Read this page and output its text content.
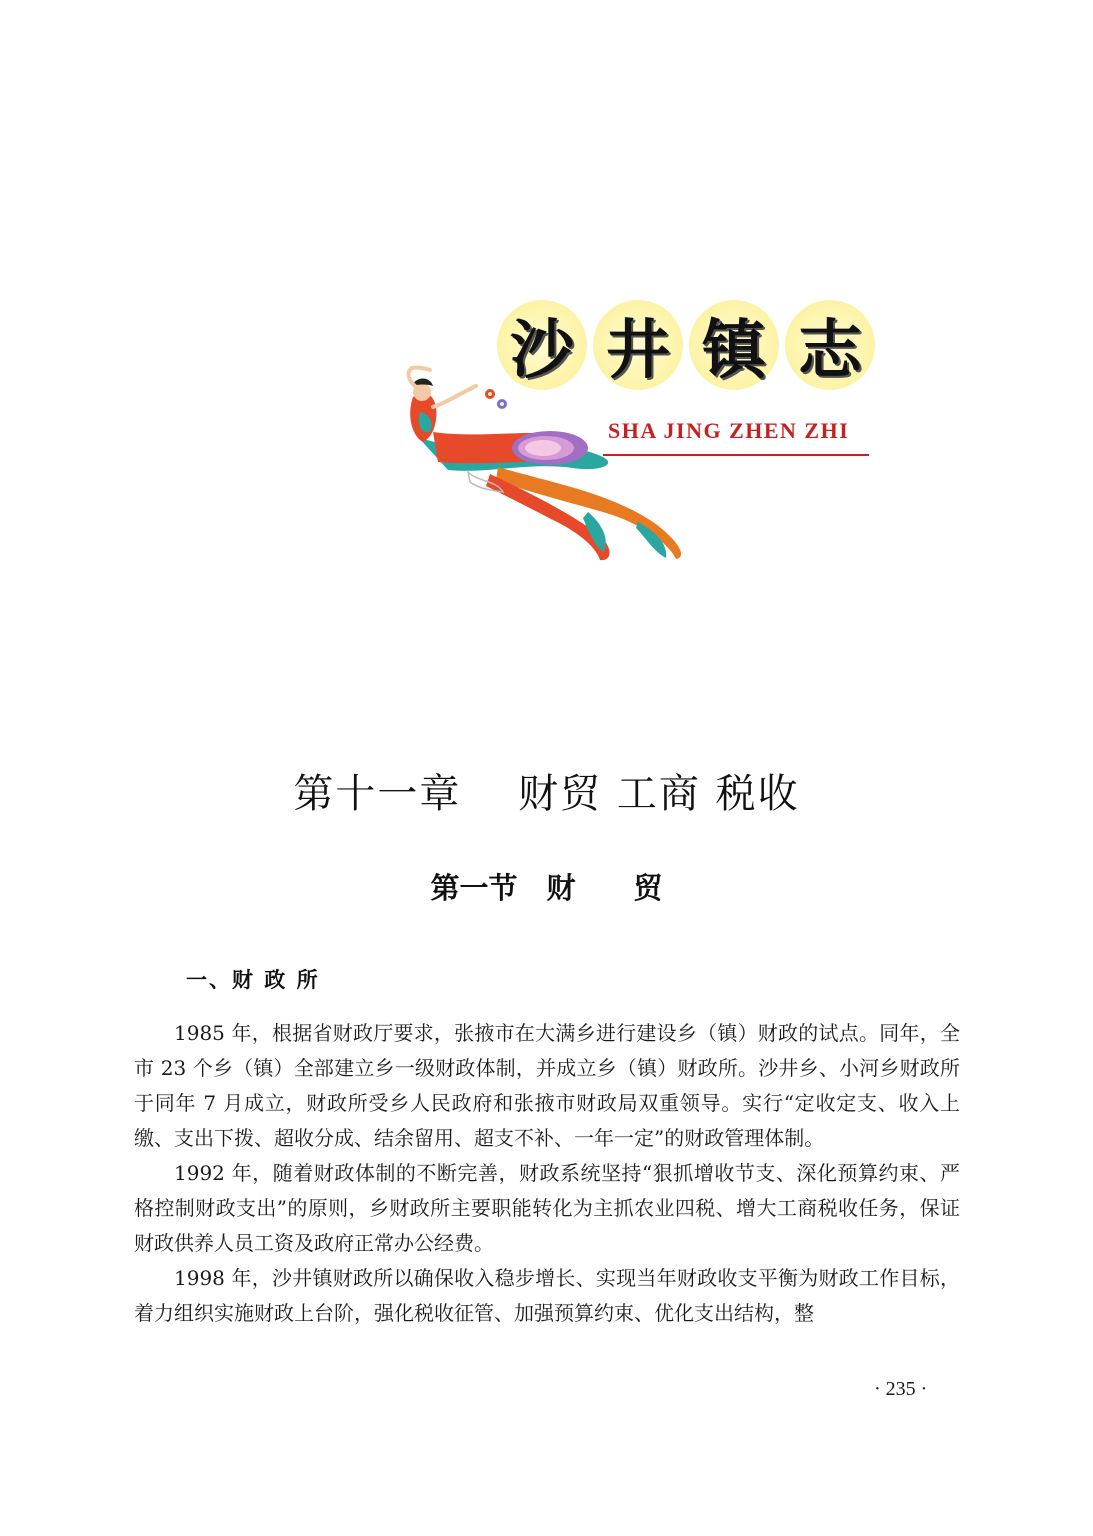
沙 井 镇 志
SHA JING ZHEN ZHI
第十一章　 财贸 工商 税收
第一节　财　　贸
一、财 政 所

1985 年，根据省财政厅要求，张掖市在大满乡进行建设乡（镇）财政的试点。同年，全市 23 个乡（镇）全部建立乡一级财政体制，并成立乡（镇）财政所。沙井乡、小河乡财政所于同年 7 月成立，财政所受乡人民政府和张掖市财政局双重领导。实行“定收定支、收入上缴、支出下拨、超收分成、结余留用、超支不补、一年一定”的财政管理体制。

1992 年，随着财政体制的不断完善，财政系统坚持“狠抓增收节支、深化预算约束、严格控制财政支出”的原则，乡财政所主要职能转化为主抓农业四税、增大工商税收任务，保证财政供养人员工资及政府正常办公经费。

1998 年，沙井镇财政所以确保收入稳步增长、实现当年财政收支平衡为财政工作目标，着力组织实施财政上台阶，强化税收征管、加强预算约束、优化支出结构，整

· 235 ·
